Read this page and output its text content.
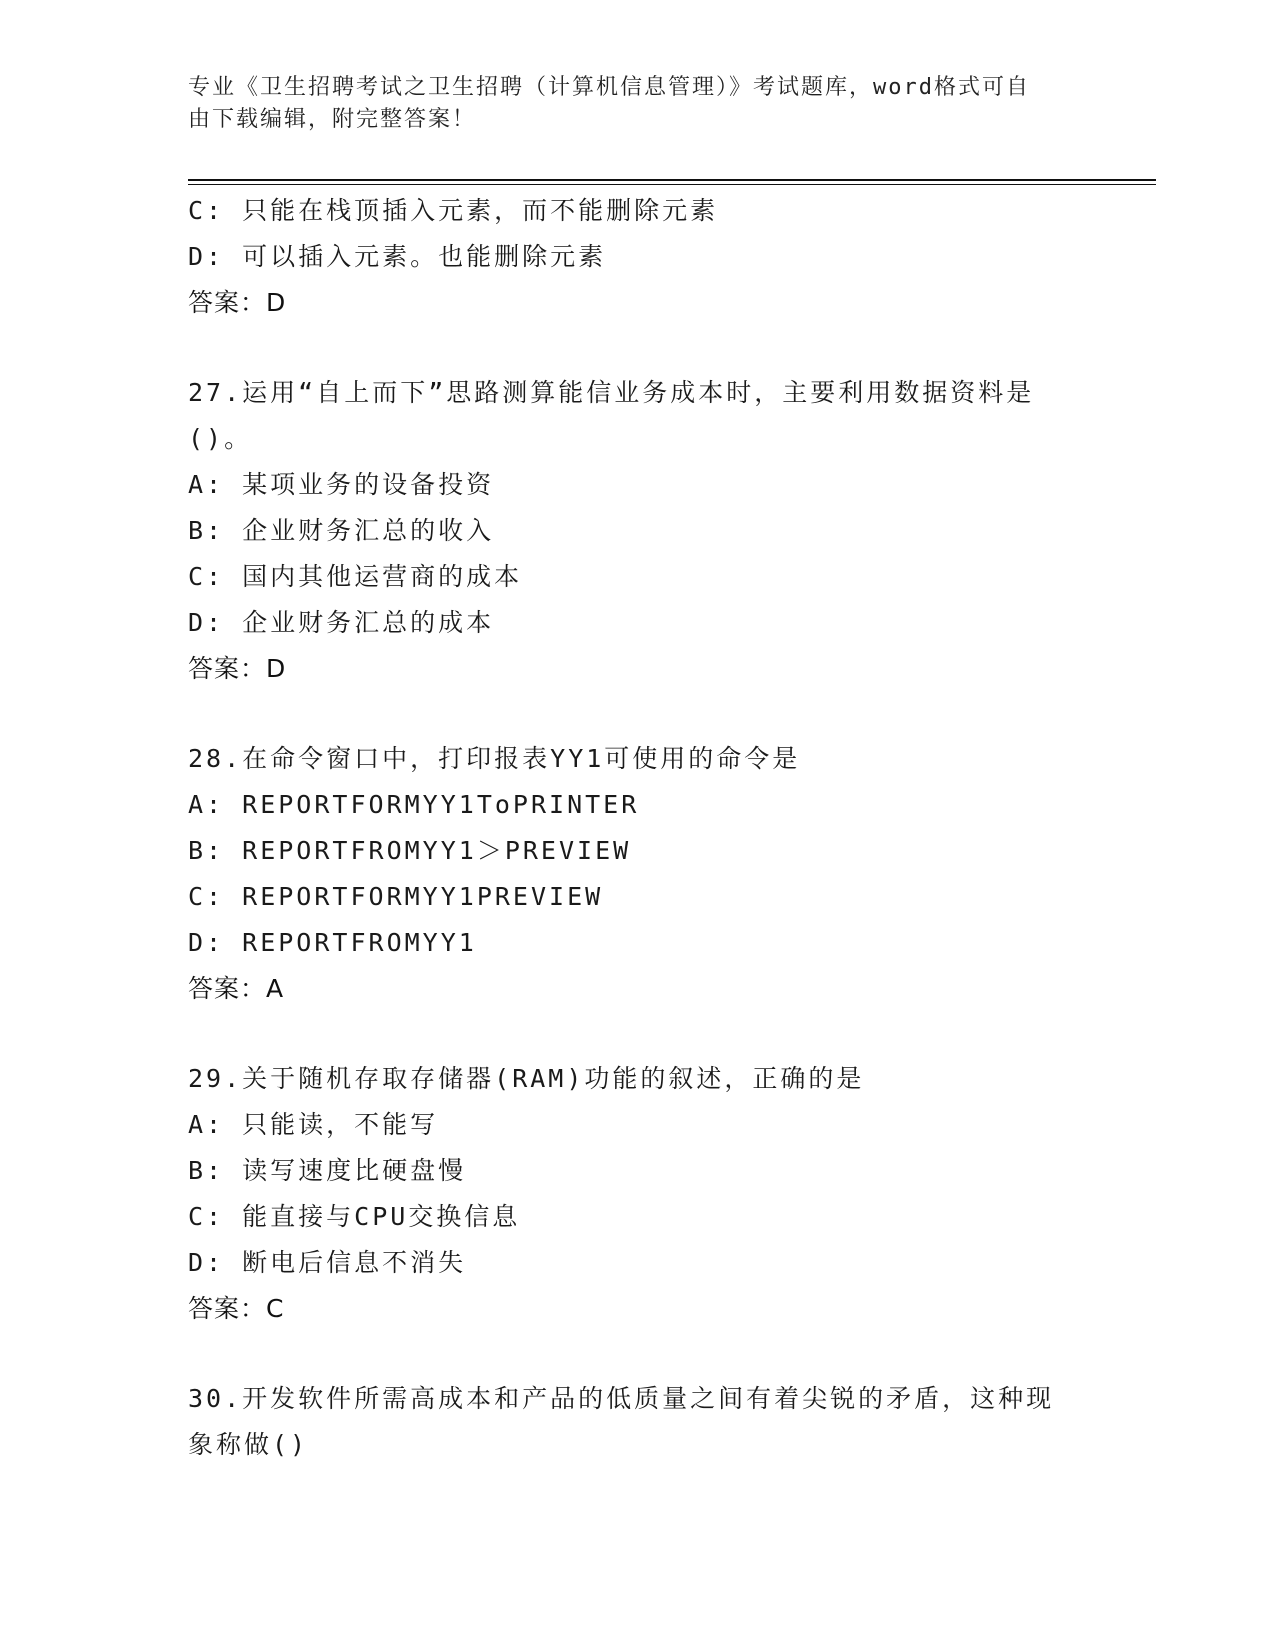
专业《卫生招聘考试之卫生招聘（计算机信息管理）》考试题库，word格式可自
由下载编辑，附完整答案！
C: 只能在栈顶插入元素，而不能删除元素
D: 可以插入元素。也能删除元素
答案：D
27.运用“自上而下”思路测算能信业务成本时，主要利用数据资料是
()。
A: 某项业务的设备投资
B: 企业财务汇总的收入
C: 国内其他运营商的成本
D: 企业财务汇总的成本
答案：D
28.在命令窗口中，打印报表YY1可使用的命令是
A: REPORTFORMYY1ToPRINTER
B: REPORTFROMYY1＞PREVIEW
C: REPORTFORMYY1PREVIEW
D: REPORTFROMYY1
答案：A
29.关于随机存取存储器(RAM)功能的叙述，正确的是
A: 只能读，不能写
B: 读写速度比硬盘慢
C: 能直接与CPU交换信息
D: 断电后信息不消失
答案：C
30.开发软件所需高成本和产品的低质量之间有着尖锐的矛盾，这种现
象称做()
